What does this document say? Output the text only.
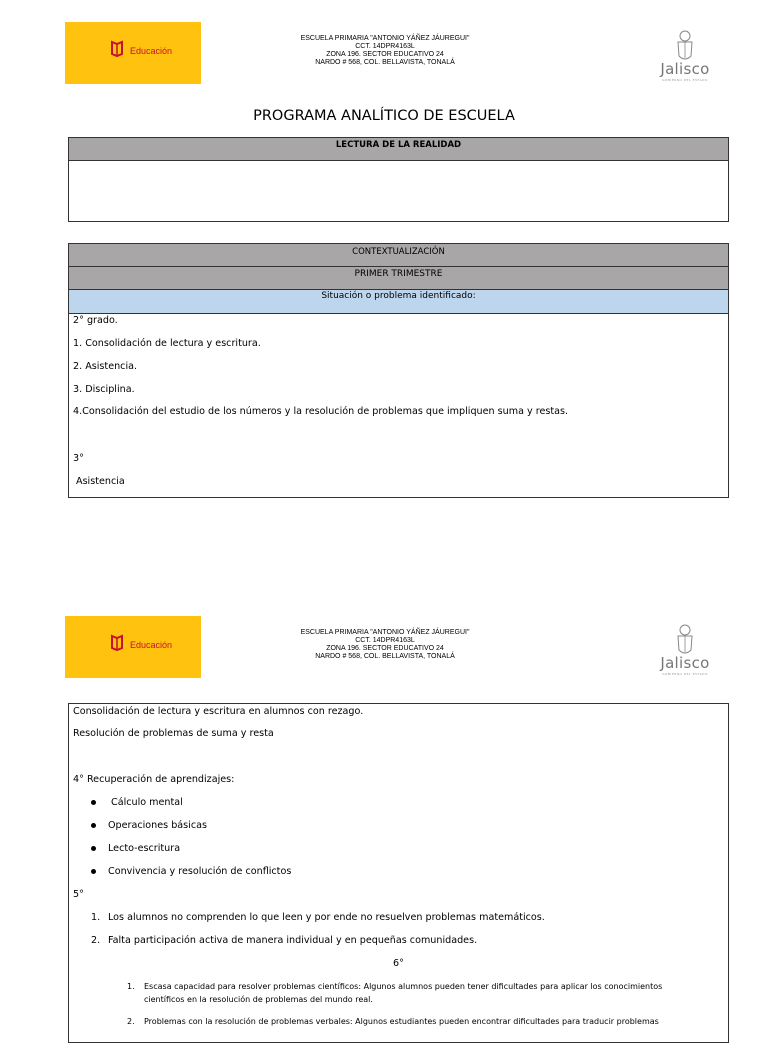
Educación
ESCUELA PRIMARIA "ANTONIO YÁÑEZ JÁUREGUI"
CCT. 14DPR4163L
ZONA 196. SECTOR EDUCATIVO 24
NARDO # 568, COL. BELLAVISTA, TONALÁ	Jalisco
GOBIERNO DEL ESTADO
PROGRAMA ANALÍTICO DE ESCUELA
LECTURA DE LA REALIDAD
CONTEXTUALIZACIÓN
PRIMER TRIMESTRE
Situación o problema identificado:
2° grado.
1. Consolidación de lectura y escritura.
2. Asistencia.
3. Disciplina.
4.Consolidación del estudio de los números y la resolución de problemas que impliquen suma y restas.
3°
Asistencia
Educación
ESCUELA PRIMARIA "ANTONIO YÁÑEZ JÁUREGUI"
CCT. 14DPR4163L
ZONA 196. SECTOR EDUCATIVO 24
NARDO # 568, COL. BELLAVISTA, TONALÁ	Jalisco
GOBIERNO DEL ESTADO
Consolidación de lectura y escritura en alumnos con rezago.
Resolución de problemas de suma y resta
4° Recuperación de aprendizajes:
Cálculo mental
Operaciones básicas
Lecto-escritura
Convivencia y resolución de conflictos
5°
1. Los alumnos no comprenden lo que leen y por ende no resuelven problemas matemáticos.
2. Falta participación activa de manera individual y en pequeñas comunidades.
6°
1. Escasa capacidad para resolver problemas científicos: Algunos alumnos pueden tener dificultades para aplicar los conocimientos
científicos en la resolución de problemas del mundo real.
2. Problemas con la resolución de problemas verbales: Algunos estudiantes pueden encontrar dificultades para traducir problemas
